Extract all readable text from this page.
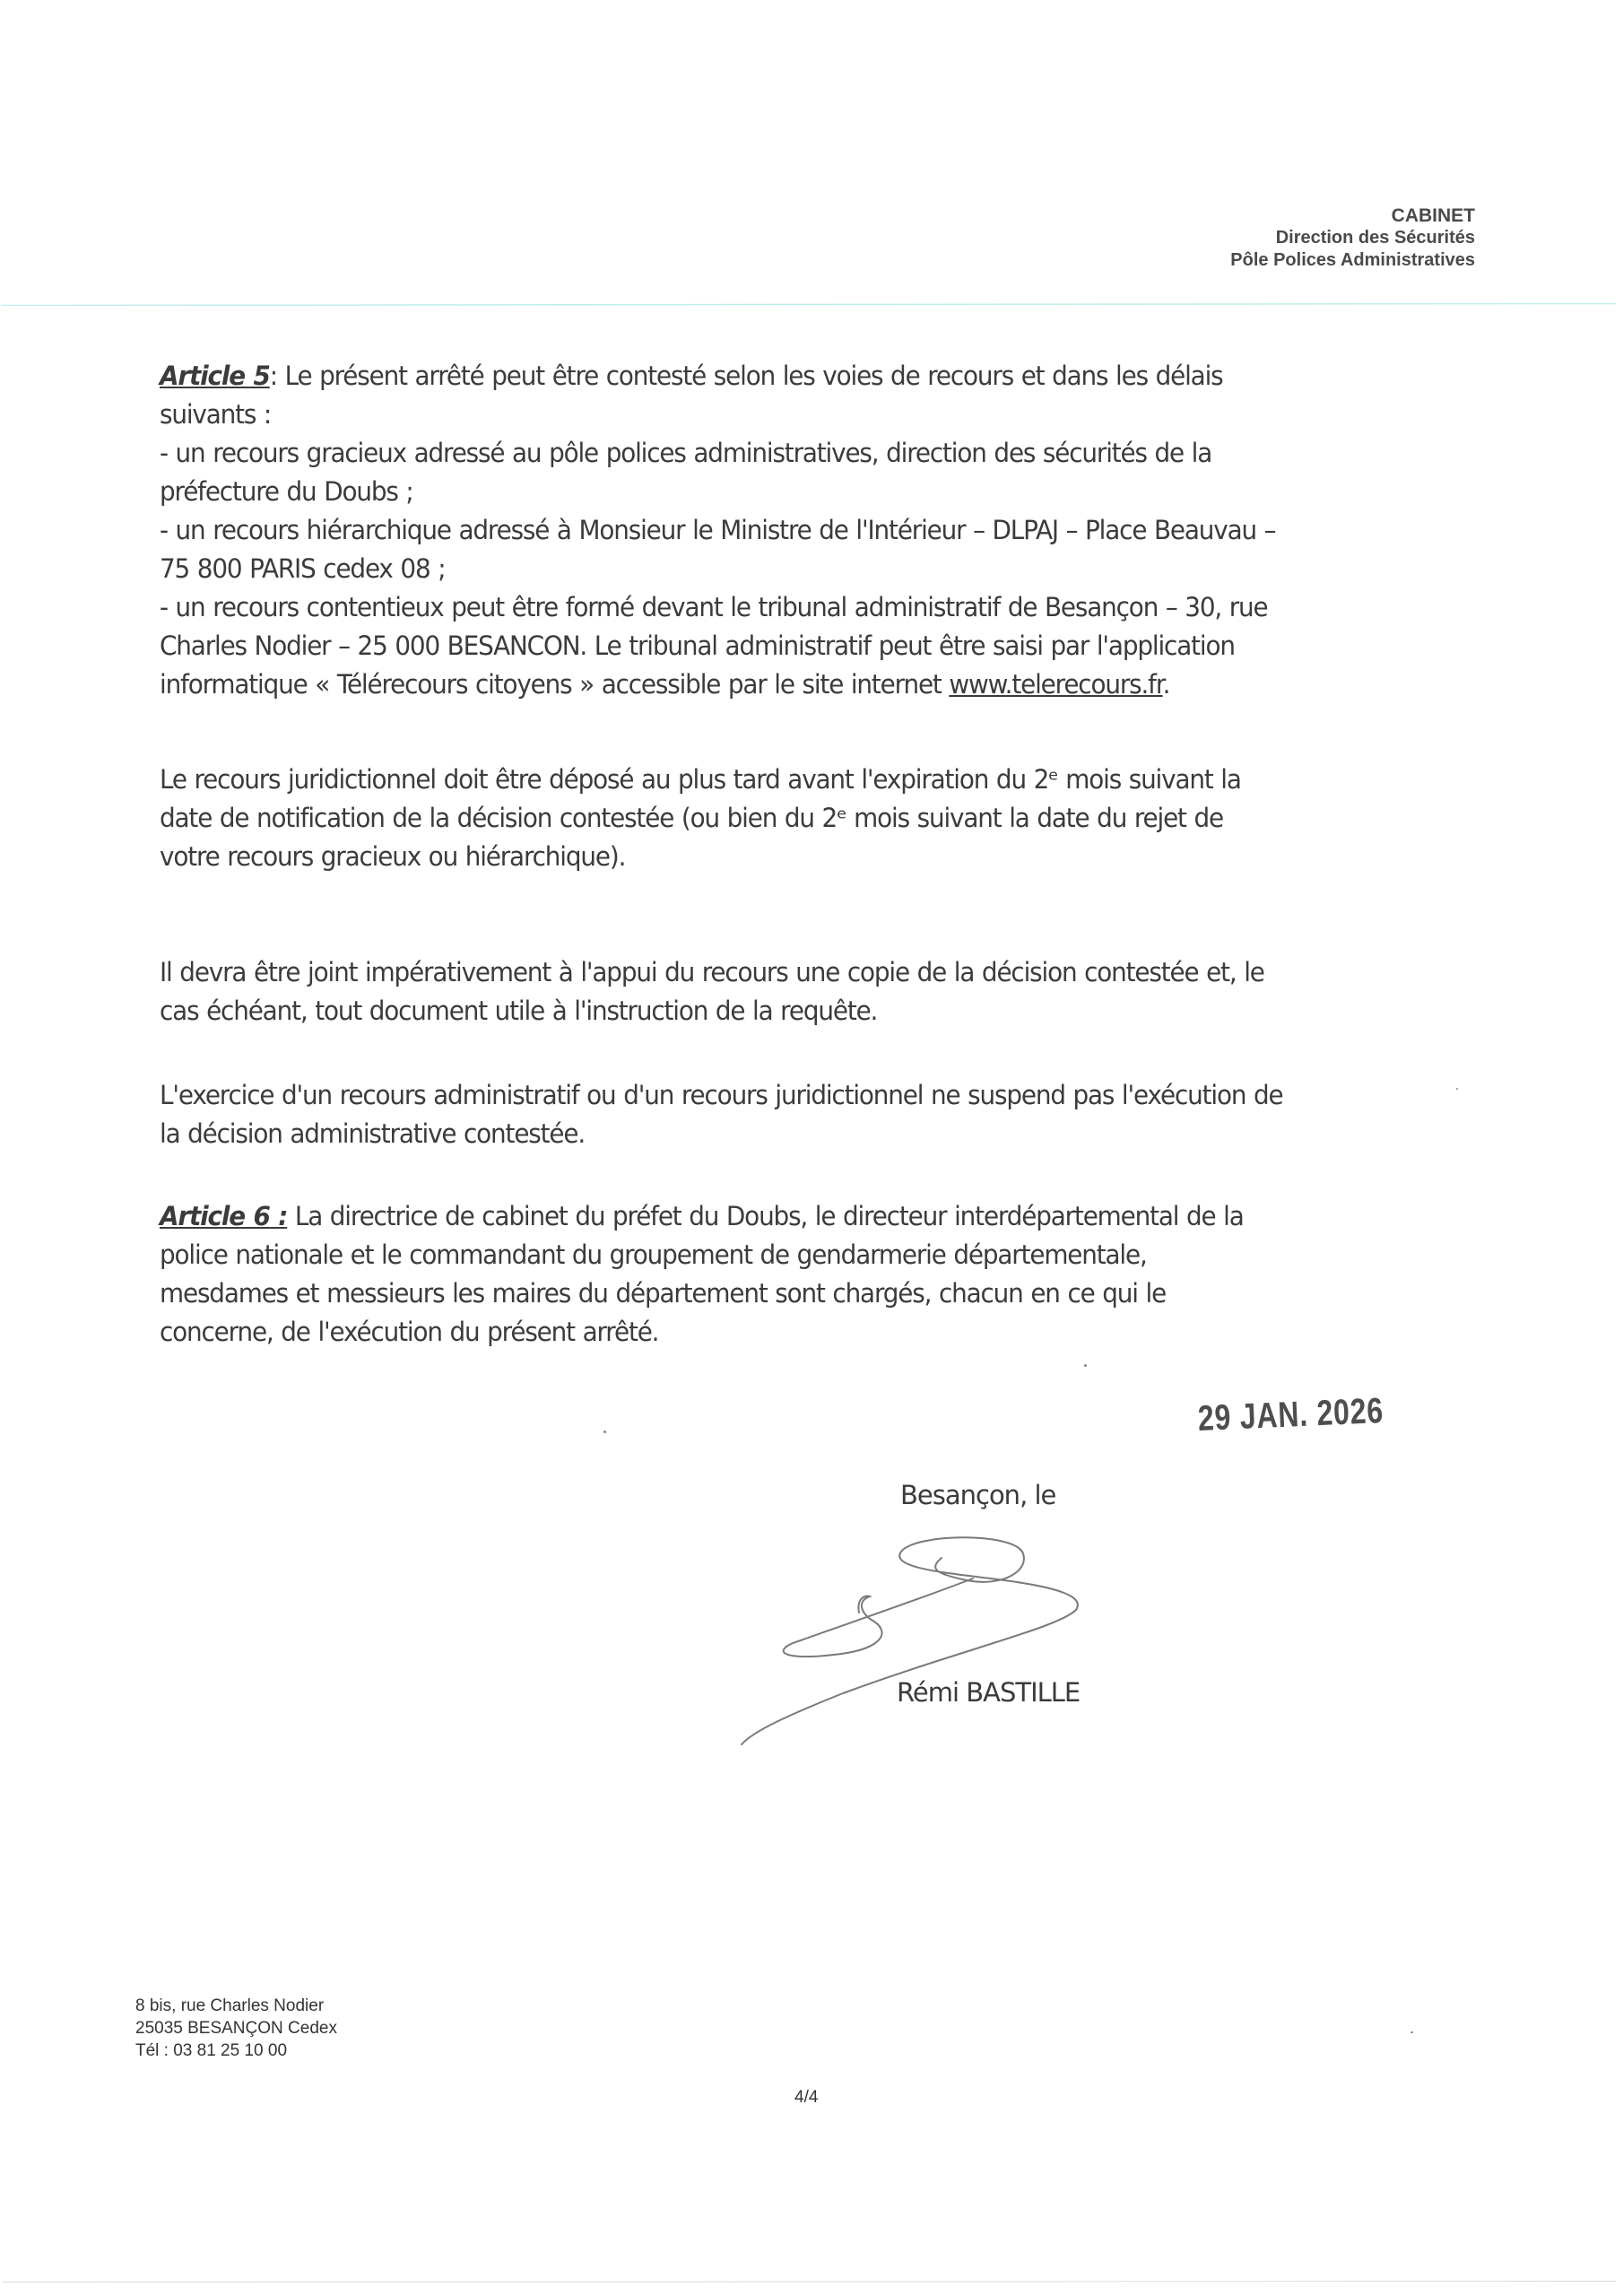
CABINET
Direction des Sécurités
Pôle Polices Administratives

Article 5: Le présent arrêté peut être contesté selon les voies de recours et dans les délais
suivants :
- un recours gracieux adressé au pôle polices administratives, direction des sécurités de la
préfecture du Doubs ;
- un recours hiérarchique adressé à Monsieur le Ministre de l'Intérieur – DLPAJ – Place Beauvau –
75 800 PARIS cedex 08 ;
- un recours contentieux peut être formé devant le tribunal administratif de Besançon – 30, rue
Charles Nodier – 25 000 BESANCON. Le tribunal administratif peut être saisi par l'application
informatique « Télérecours citoyens » accessible par le site internet www.telerecours.fr.

Le recours juridictionnel doit être déposé au plus tard avant l'expiration du 2ᵉ mois suivant la
date de notification de la décision contestée (ou bien du 2ᵉ mois suivant la date du rejet de
votre recours gracieux ou hiérarchique).

Il devra être joint impérativement à l'appui du recours une copie de la décision contestée et, le
cas échéant, tout document utile à l'instruction de la requête.

L'exercice d'un recours administratif ou d'un recours juridictionnel ne suspend pas l'exécution de
la décision administrative contestée.

Article 6 : La directrice de cabinet du préfet du Doubs, le directeur interdépartemental de la
police nationale et le commandant du groupement de gendarmerie départementale,
mesdames et messieurs les maires du département sont chargés, chacun en ce qui le
concerne, de l'exécution du présent arrêté.

29 JAN. 2026
Besançon, le
Rémi BASTILLE
8 bis, rue Charles Nodier
25035 BESANÇON Cedex
Tél : 03 81 25 10 00
4/4
